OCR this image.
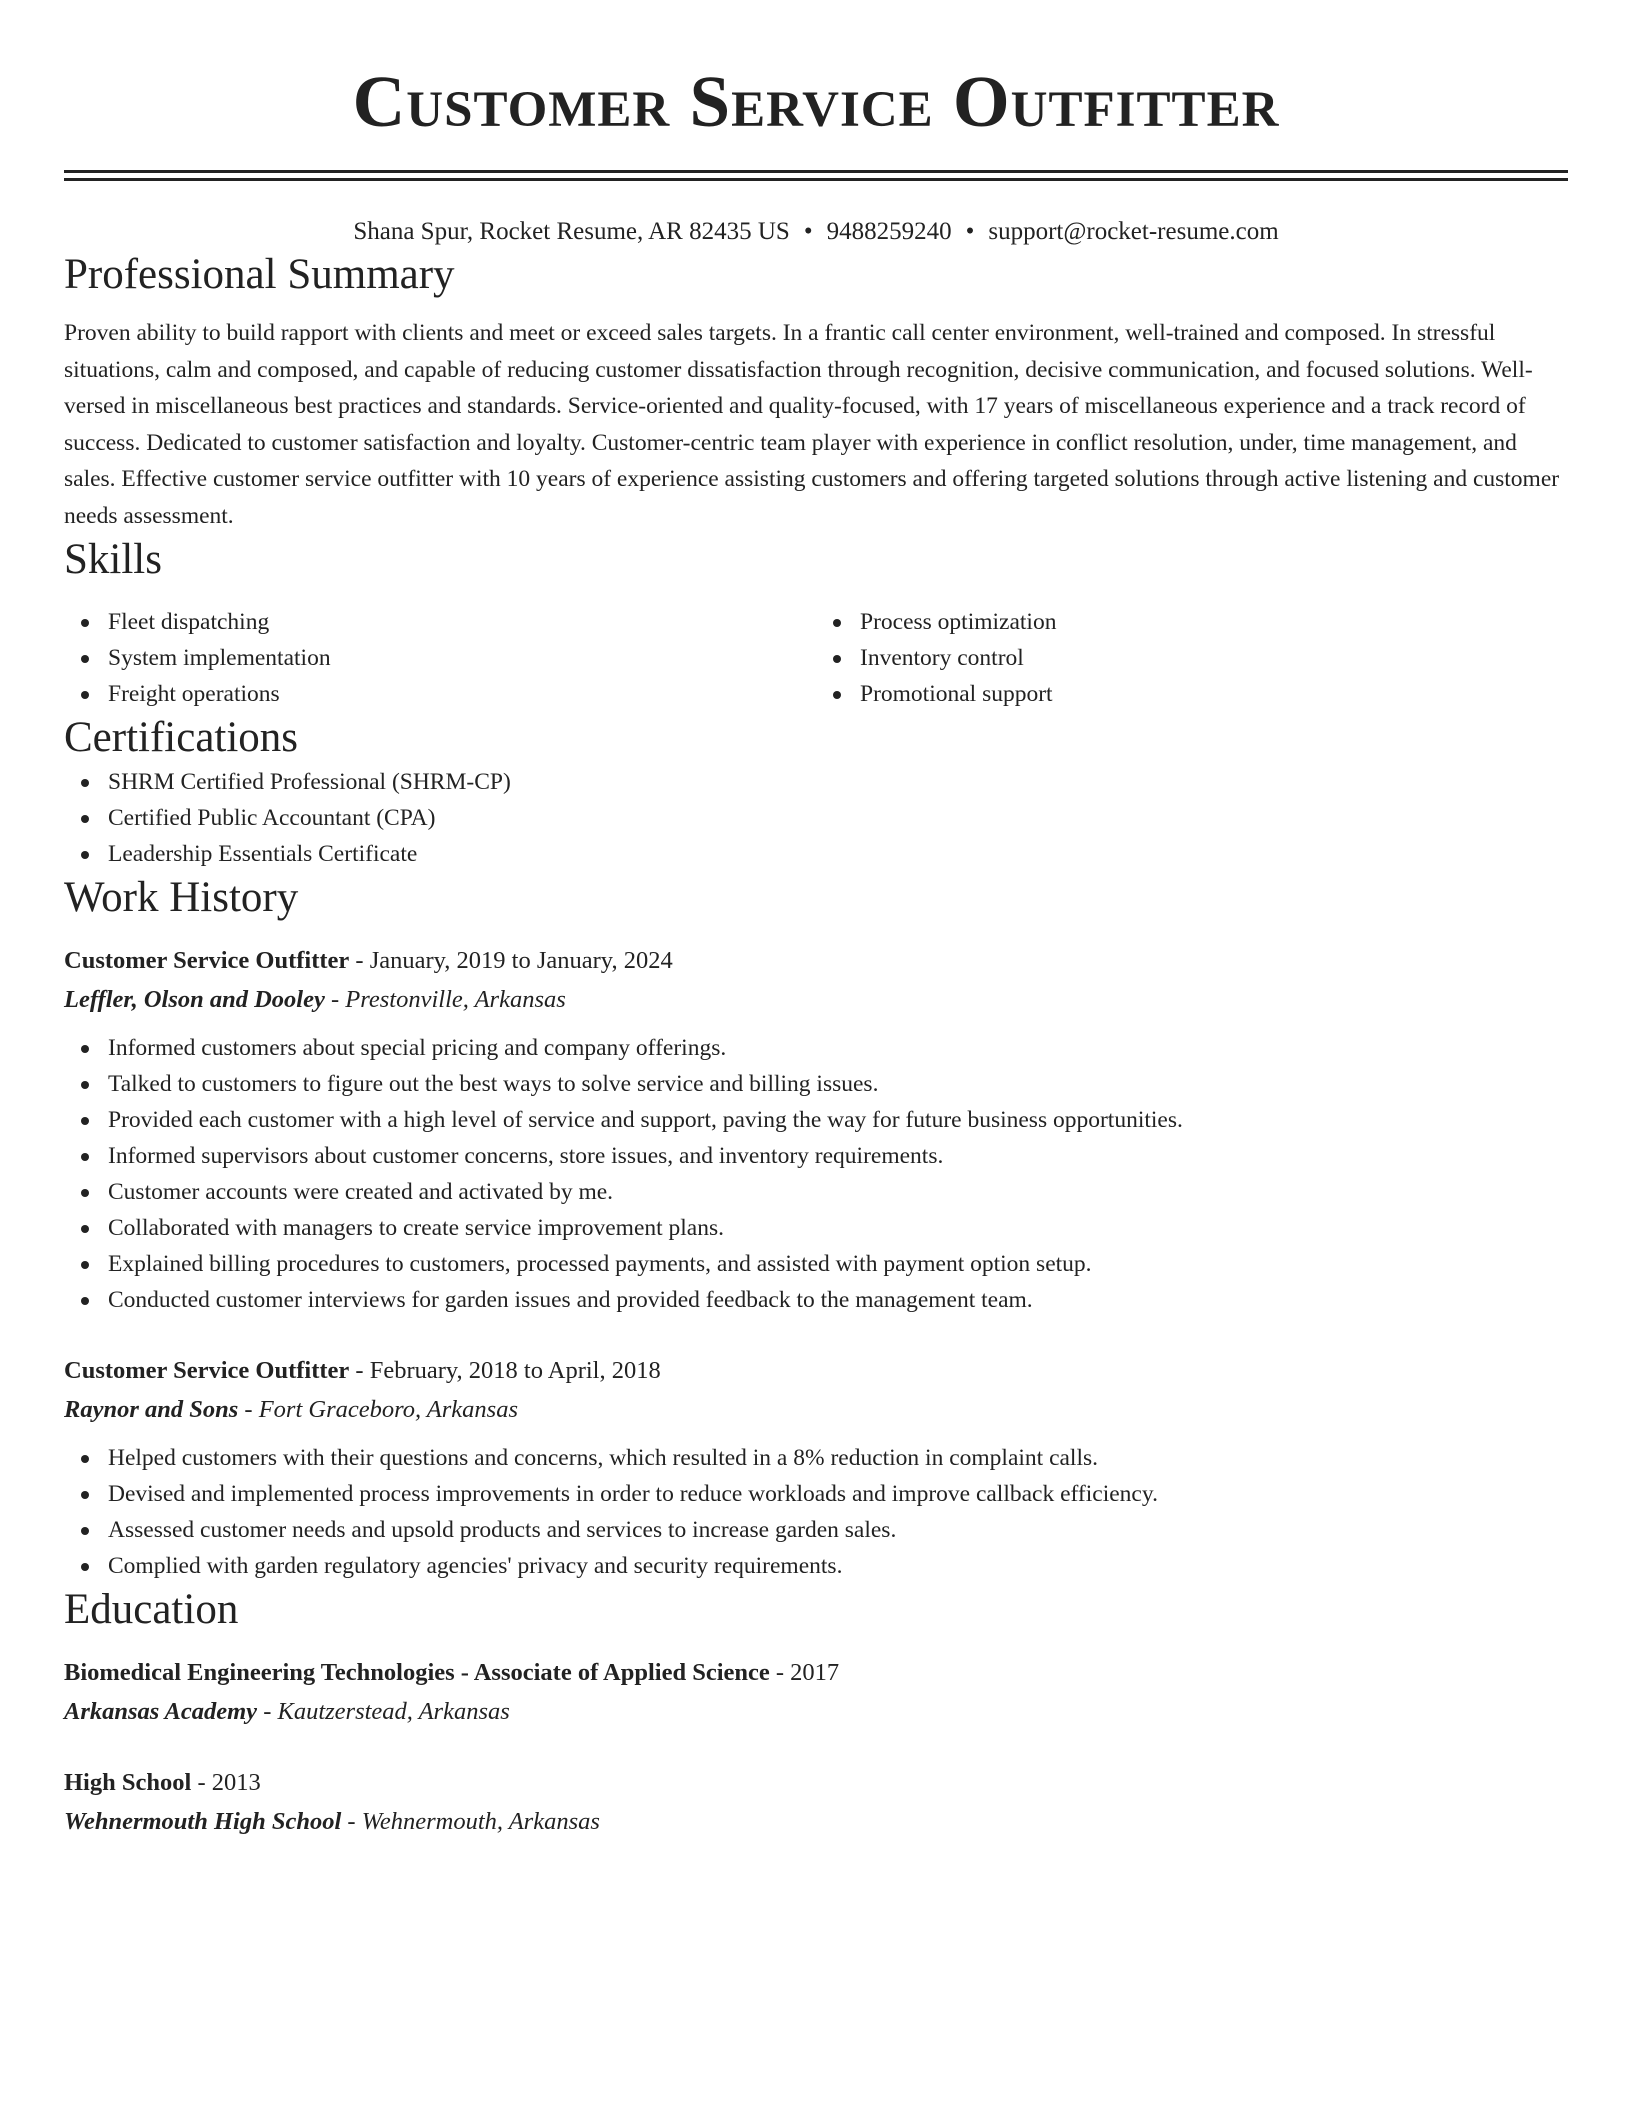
Customer Service Outfitter
Shana Spur, Rocket Resume, AR 82435 US • 9488259240 • support@rocket-resume.com
Professional Summary

Proven ability to build rapport with clients and meet or exceed sales targets. In a frantic call center environment, well-trained and composed. In stressful situations, calm and composed, and capable of reducing customer dissatisfaction through recognition, decisive communication, and focused solutions. Well-versed in miscellaneous best practices and standards. Service-oriented and quality-focused, with 17 years of miscellaneous experience and a track record of success. Dedicated to customer satisfaction and loyalty. Customer-centric team player with experience in conflict resolution, under, time management, and sales. Effective customer service outfitter with 10 years of experience assisting customers and offering targeted solutions through active listening and customer needs assessment.

Skills
Fleet dispatching
System implementation
Freight operations
Process optimization
Inventory control
Promotional support
Certifications
SHRM Certified Professional (SHRM-CP)
Certified Public Accountant (CPA)
Leadership Essentials Certificate
Work History
Customer Service Outfitter - January, 2019 to January, 2024
Leffler, Olson and Dooley - Prestonville, Arkansas
Informed customers about special pricing and company offerings.
Talked to customers to figure out the best ways to solve service and billing issues.
Provided each customer with a high level of service and support, paving the way for future business opportunities.
Informed supervisors about customer concerns, store issues, and inventory requirements.
Customer accounts were created and activated by me.
Collaborated with managers to create service improvement plans.
Explained billing procedures to customers, processed payments, and assisted with payment option setup.
Conducted customer interviews for garden issues and provided feedback to the management team.
Customer Service Outfitter - February, 2018 to April, 2018
Raynor and Sons - Fort Graceboro, Arkansas
Helped customers with their questions and concerns, which resulted in a 8% reduction in complaint calls.
Devised and implemented process improvements in order to reduce workloads and improve callback efficiency.
Assessed customer needs and upsold products and services to increase garden sales.
Complied with garden regulatory agencies' privacy and security requirements.
Education
Biomedical Engineering Technologies - Associate of Applied Science - 2017
Arkansas Academy - Kautzerstead, Arkansas
High School - 2013
Wehnermouth High School - Wehnermouth, Arkansas
